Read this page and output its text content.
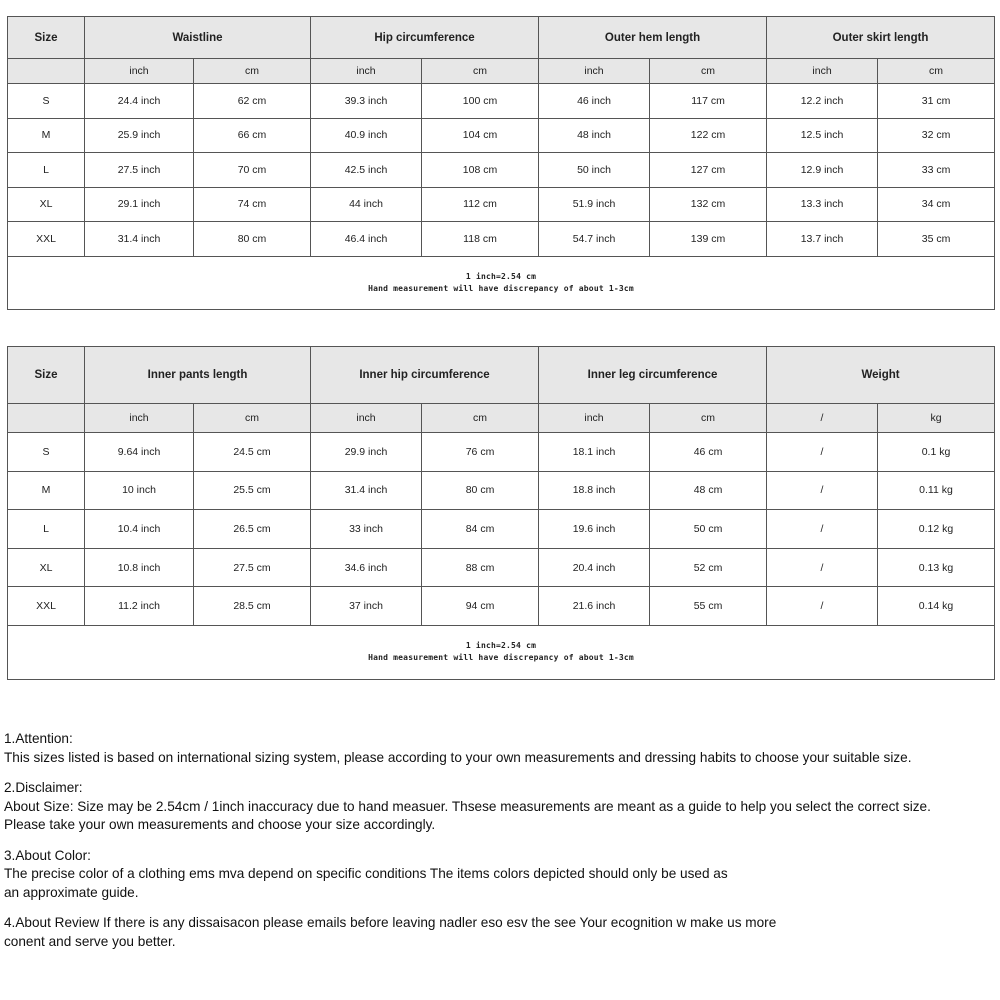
Size	Waistline		Hip circumference		Outer hem length		Outer skirt length	
	inch	cm	inch	cm	inch	cm	inch	cm
S	24.4 inch	62 cm	39.3 inch	100 cm	46 inch	117 cm	12.2 inch	31 cm
M	25.9 inch	66 cm	40.9 inch	104 cm	48 inch	122 cm	12.5 inch	32 cm
L	27.5 inch	70 cm	42.5 inch	108 cm	50 inch	127 cm	12.9 inch	33 cm
XL	29.1 inch	74 cm	44 inch	112 cm	51.9 inch	132 cm	13.3 inch	34 cm
XXL	31.4 inch	80 cm	46.4 inch	118 cm	54.7 inch	139 cm	13.7 inch	35 cm

1 inch=2.54 cm
Hand measurement will have discrepancy of about 1-3cm								
Size	Inner pants length		Inner hip circumference		Inner leg circumference		Weight	
	inch	cm	inch	cm	inch	cm	/	kg
S	9.64 inch	24.5 cm	29.9 inch	76 cm	18.1 inch	46 cm	/	0.1 kg
M	10 inch	25.5 cm	31.4 inch	80 cm	18.8 inch	48 cm	/	0.11 kg
L	10.4 inch	26.5 cm	33 inch	84 cm	19.6 inch	50 cm	/	0.12 kg
XL	10.8 inch	27.5 cm	34.6 inch	88 cm	20.4 inch	52 cm	/	0.13 kg
XXL	11.2 inch	28.5 cm	37 inch	94 cm	21.6 inch	55 cm	/	0.14 kg

1 inch=2.54 cm
Hand measurement will have discrepancy of about 1-3cm								

1.Attention:
This sizes listed is based on international sizing system, please according to your own measurements and dressing habits to choose your suitable size.

2.Disclaimer:
About Size: Size may be 2.54cm / 1inch inaccuracy due to hand measuer. Thsese measurements are meant as a guide to help you select the correct size.
Please take your own measurements and choose your size accordingly.

3.About Color:
The precise color of a clothing ems mva depend on specific conditions The items colors depicted should only be used as
an approximate guide.

4.About Review If there is any dissaisacon please emails before leaving nadler eso esv the see Your ecognition w make us more
conent and serve you better.
